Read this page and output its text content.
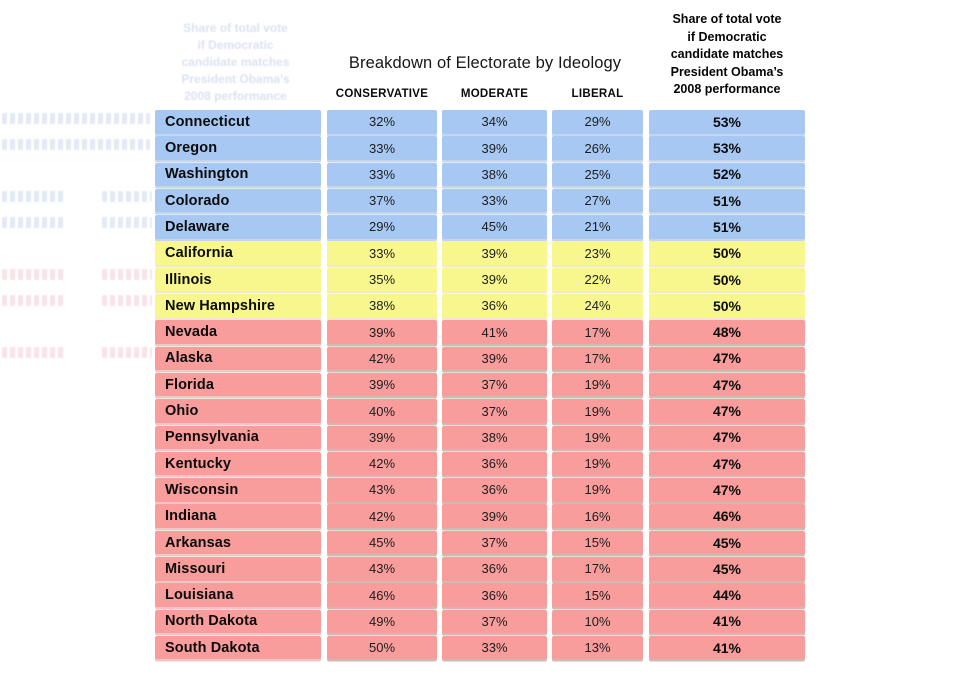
Share of total vote
if Democratic
candidate matches
President Obama’s
2008 performance
Breakdown of Electorate by Ideology
Share of total vote
if Democratic
candidate matches
President Obama’s
2008 performance
CONSERVATIVE	MODERATE	LIBERAL
Connecticut	32%	34%	29%	53%
Oregon	33%	39%	26%	53%
Washington	33%	38%	25%	52%
Colorado	37%	33%	27%	51%
Delaware	29%	45%	21%	51%
California	33%	39%	23%	50%
Illinois	35%	39%	22%	50%
New Hampshire	38%	36%	24%	50%
Nevada	39%	41%	17%	48%
Alaska	42%	39%	17%	47%
Florida	39%	37%	19%	47%
Ohio	40%	37%	19%	47%
Pennsylvania	39%	38%	19%	47%
Kentucky	42%	36%	19%	47%
Wisconsin	43%	36%	19%	47%
Indiana	42%	39%	16%	46%
Arkansas	45%	37%	15%	45%
Missouri	43%	36%	17%	45%
Louisiana	46%	36%	15%	44%
North Dakota	49%	37%	10%	41%
South Dakota	50%	33%	13%	41%
